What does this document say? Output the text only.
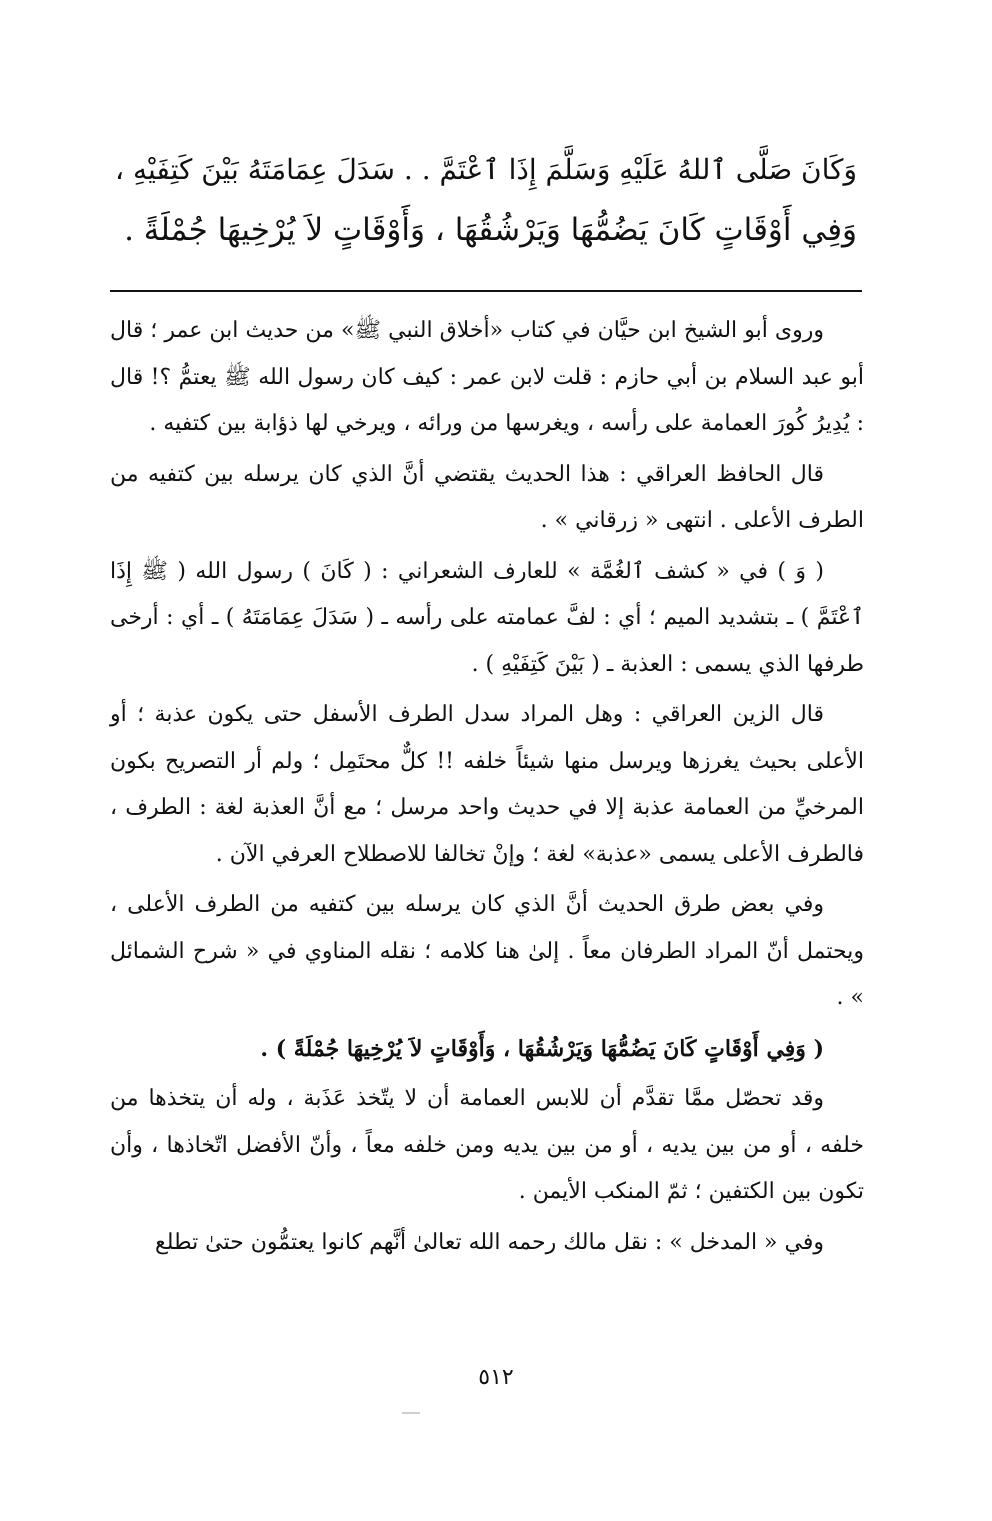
وَكَانَ صَلَّى ٱللهُ عَلَيْهِ وَسَلَّمَ إِذَا ٱعْتَمَّ . . سَدَلَ عِمَامَتَهُ بَيْنَ كَتِفَيْهِ ،

وَفِي أَوْقَاتٍ كَانَ يَضُمُّهَا وَيَرْشُقُهَا ، وَأَوْقَاتٍ لاَ يُرْخِيهَا جُمْلَةً .

وروى أبو الشيخ ابن حيَّان في كتاب «أخلاق النبي ﷺ» من حديث ابن عمر ؛ قال أبو عبد السلام بن أبي حازم : قلت لابن عمر : كيف كان رسول الله ﷺ يعتمُّ ؟! قال : يُدِيرُ كُورَ العمامة على رأسه ، ويغرسها من ورائه ، ويرخي لها ذؤابة بين كتفيه .

قال الحافظ العراقي : هذا الحديث يقتضي أنَّ الذي كان يرسله بين كتفيه من الطرف الأعلى . انتهى « زرقاني » .

( وَ ) في « كشف ٱلغُمَّة » للعارف الشعراني : ( كَانَ ) رسول الله ( ﷺ إِذَا ٱعْتَمَّ ) ـ بتشديد الميم ؛ أي : لفَّ عمامته على رأسه ـ ( سَدَلَ عِمَامَتَهُ ) ـ أي : أرخى طرفها الذي يسمى : العذبة ـ ( بَيْنَ كَتِفَيْهِ ) .

قال الزين العراقي : وهل المراد سدل الطرف الأسفل حتى يكون عذبة ؛ أو الأعلى بحيث يغرزها ويرسل منها شيئاً خلفه !! كلٌّ محتَمِل ؛ ولم أر التصريح بكون المرخيِّ من العمامة عذبة إلا في حديث واحد مرسل ؛ مع أنَّ العذبة لغة : الطرف ، فالطرف الأعلى يسمى «عذبة» لغة ؛ وإنْ تخالفا للاصطلاح العرفي الآن .

وفي بعض طرق الحديث أنَّ الذي كان يرسله بين كتفيه من الطرف الأعلى ، ويحتمل أنّ المراد الطرفان معاً . إلىٰ هنا كلامه ؛ نقله المناوي في « شرح الشمائل » .

( وَفِي أَوْقَاتٍ كَانَ يَضُمُّهَا وَيَرْشُقُهَا ، وَأَوْقَاتٍ لاَ يُرْخِيهَا جُمْلَةً ) .

وقد تحصّل ممَّا تقدَّم أن للابس العمامة أن لا يتّخذ عَذَبة ، وله أن يتخذها من خلفه ، أو من بين يديه ، أو من بين يديه ومن خلفه معاً ، وأنّ الأفضل اتّخاذها ، وأن تكون بين الكتفين ؛ ثمّ المنكب الأيمن .

وفي « المدخل » : نقل مالك رحمه الله تعالىٰ أنَّهم كانوا يعتمُّون حتىٰ تطلع

٥١٢
